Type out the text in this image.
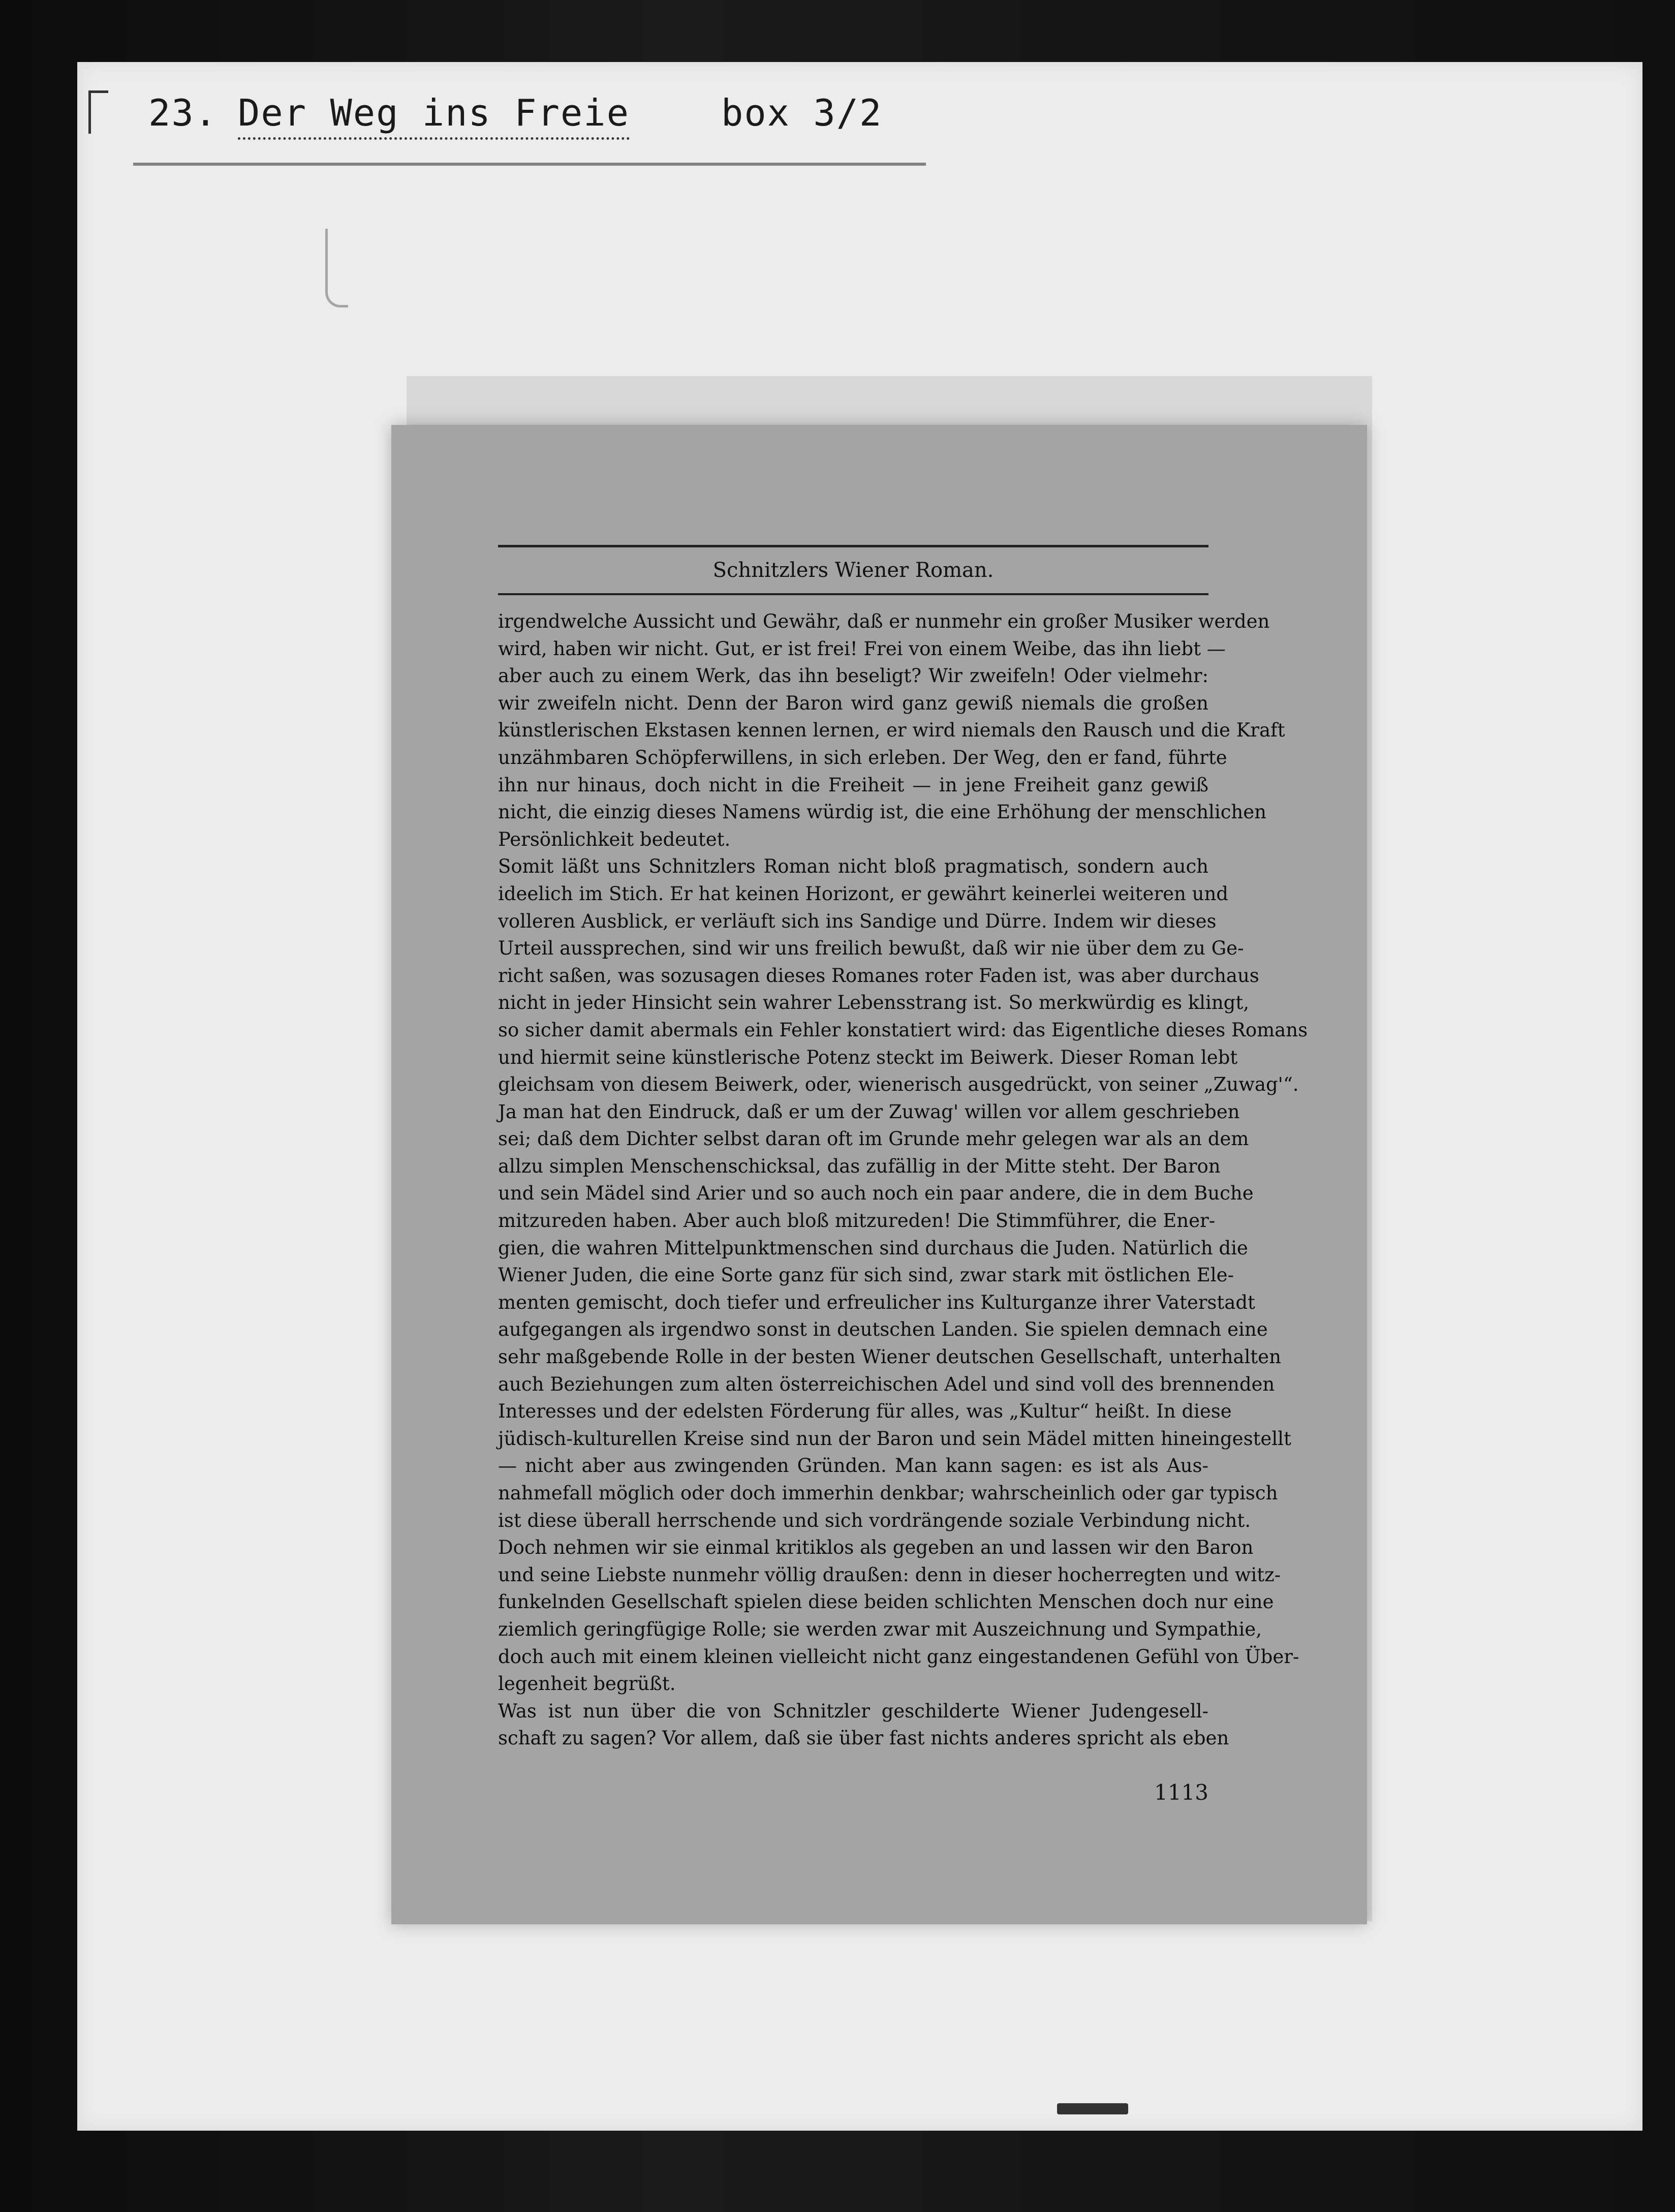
23. Der Weg ins Freie	box 3/2
Schnitzlers Wiener Roman.
irgendwelche Aussicht und Gewähr, daß er nunmehr ein großer Musiker werden
wird, haben wir nicht. Gut, er ist frei! Frei von einem Weibe, das ihn liebt —
aber auch zu einem Werk, das ihn beseligt? Wir zweifeln! Oder vielmehr:
wir zweifeln nicht. Denn der Baron wird ganz gewiß niemals die großen
künstlerischen Ekstasen kennen lernen, er wird niemals den Rausch und die Kraft
unzähmbaren Schöpferwillens, in sich erleben. Der Weg, den er fand, führte
ihn nur hinaus, doch nicht in die Freiheit — in jene Freiheit ganz gewiß
nicht, die einzig dieses Namens würdig ist, die eine Erhöhung der menschlichen
Persönlichkeit bedeutet.
Somit läßt uns Schnitzlers Roman nicht bloß pragmatisch, sondern auch
ideelich im Stich. Er hat keinen Horizont, er gewährt keinerlei weiteren und
volleren Ausblick, er verläuft sich ins Sandige und Dürre. Indem wir dieses
Urteil aussprechen, sind wir uns freilich bewußt, daß wir nie über dem zu Ge-
richt saßen, was sozusagen dieses Romanes roter Faden ist, was aber durchaus
nicht in jeder Hinsicht sein wahrer Lebensstrang ist. So merkwürdig es klingt,
so sicher damit abermals ein Fehler konstatiert wird: das Eigentliche dieses Romans
und hiermit seine künstlerische Potenz steckt im Beiwerk. Dieser Roman lebt
gleichsam von diesem Beiwerk, oder, wienerisch ausgedrückt, von seiner „Zuwag'“.
Ja man hat den Eindruck, daß er um der Zuwag' willen vor allem geschrieben
sei; daß dem Dichter selbst daran oft im Grunde mehr gelegen war als an dem
allzu simplen Menschenschicksal, das zufällig in der Mitte steht. Der Baron
und sein Mädel sind Arier und so auch noch ein paar andere, die in dem Buche
mitzureden haben. Aber auch bloß mitzureden! Die Stimmführer, die Ener-
gien, die wahren Mittelpunktmenschen sind durchaus die Juden. Natürlich die
Wiener Juden, die eine Sorte ganz für sich sind, zwar stark mit östlichen Ele-
menten gemischt, doch tiefer und erfreulicher ins Kulturganze ihrer Vaterstadt
aufgegangen als irgendwo sonst in deutschen Landen. Sie spielen demnach eine
sehr maßgebende Rolle in der besten Wiener deutschen Gesellschaft, unterhalten
auch Beziehungen zum alten österreichischen Adel und sind voll des brennenden
Interesses und der edelsten Förderung für alles, was „Kultur“ heißt. In diese
jüdisch-kulturellen Kreise sind nun der Baron und sein Mädel mitten hineingestellt
— nicht aber aus zwingenden Gründen. Man kann sagen: es ist als Aus-
nahmefall möglich oder doch immerhin denkbar; wahrscheinlich oder gar typisch
ist diese überall herrschende und sich vordrängende soziale Verbindung nicht.
Doch nehmen wir sie einmal kritiklos als gegeben an und lassen wir den Baron
und seine Liebste nunmehr völlig draußen: denn in dieser hocherregten und witz-
funkelnden Gesellschaft spielen diese beiden schlichten Menschen doch nur eine
ziemlich geringfügige Rolle; sie werden zwar mit Auszeichnung und Sympathie,
doch auch mit einem kleinen vielleicht nicht ganz eingestandenen Gefühl von Über-
legenheit begrüßt.
Was ist nun über die von Schnitzler geschilderte Wiener Judengesell-
schaft zu sagen? Vor allem, daß sie über fast nichts anderes spricht als eben
1113
